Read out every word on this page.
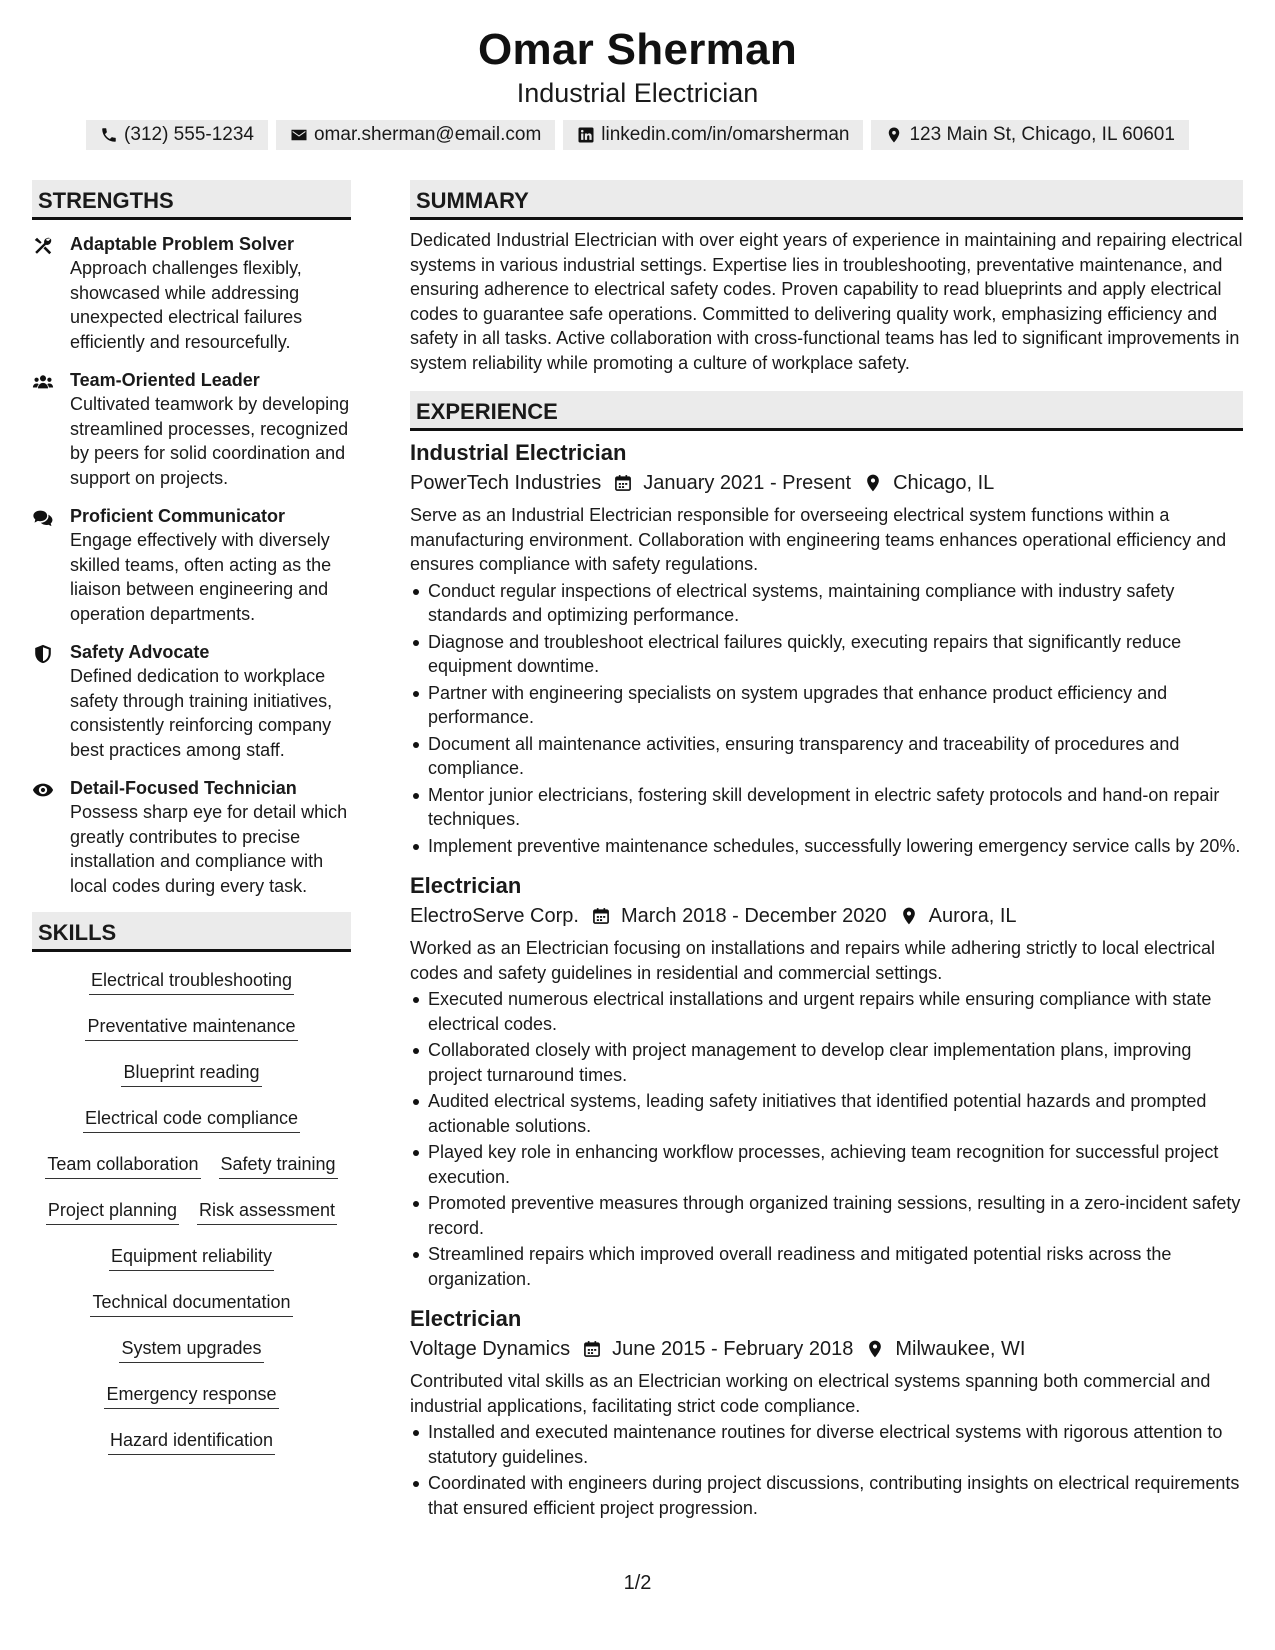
Omar Sherman
Industrial Electrician
(312) 555-1234	omar.sherman@email.com	linkedin.com/in/omarsherman	123 Main St, Chicago, IL 60601
STRENGTHS
Adaptable Problem Solver
Approach challenges flexibly, showcased while addressing unexpected electrical failures efficiently and resourcefully.
Team-Oriented Leader
Cultivated teamwork by developing streamlined processes, recognized by peers for solid coordination and support on projects.
Proficient Communicator
Engage effectively with diversely skilled teams, often acting as the liaison between engineering and operation departments.
Safety Advocate
Defined dedication to workplace safety through training initiatives, consistently reinforcing company best practices among staff.
Detail-Focused Technician
Possess sharp eye for detail which greatly contributes to precise installation and compliance with local codes during every task.
SKILLS
Electrical troubleshooting
Preventative maintenance
Blueprint reading
Electrical code compliance
Team collaboration Safety training
Project planning Risk assessment
Equipment reliability
Technical documentation
System upgrades
Emergency response
Hazard identification
SUMMARY
Dedicated Industrial Electrician with over eight years of experience in maintaining and repairing electrical systems in various industrial settings. Expertise lies in troubleshooting, preventative maintenance, and ensuring adherence to electrical safety codes. Proven capability to read blueprints and apply electrical codes to guarantee safe operations. Committed to delivering quality work, emphasizing efficiency and safety in all tasks. Active collaboration with cross-functional teams has led to significant improvements in system reliability while promoting a culture of workplace safety.
EXPERIENCE
Industrial Electrician
PowerTech Industries January 2021 - Present Chicago, IL
Serve as an Industrial Electrician responsible for overseeing electrical system functions within a manufacturing environment. Collaboration with engineering teams enhances operational efficiency and ensures compliance with safety regulations.
Conduct regular inspections of electrical systems, maintaining compliance with industry safety standards and optimizing performance.
Diagnose and troubleshoot electrical failures quickly, executing repairs that significantly reduce equipment downtime.
Partner with engineering specialists on system upgrades that enhance product efficiency and performance.
Document all maintenance activities, ensuring transparency and traceability of procedures and compliance.
Mentor junior electricians, fostering skill development in electric safety protocols and hand-on repair techniques.
Implement preventive maintenance schedules, successfully lowering emergency service calls by 20%.
Electrician
ElectroServe Corp. March 2018 - December 2020 Aurora, IL
Worked as an Electrician focusing on installations and repairs while adhering strictly to local electrical codes and safety guidelines in residential and commercial settings.
Executed numerous electrical installations and urgent repairs while ensuring compliance with state electrical codes.
Collaborated closely with project management to develop clear implementation plans, improving project turnaround times.
Audited electrical systems, leading safety initiatives that identified potential hazards and prompted actionable solutions.
Played key role in enhancing workflow processes, achieving team recognition for successful project execution.
Promoted preventive measures through organized training sessions, resulting in a zero-incident safety record.
Streamlined repairs which improved overall readiness and mitigated potential risks across the organization.
Electrician
Voltage Dynamics June 2015 - February 2018 Milwaukee, WI
Contributed vital skills as an Electrician working on electrical systems spanning both commercial and industrial applications, facilitating strict code compliance.
Installed and executed maintenance routines for diverse electrical systems with rigorous attention to statutory guidelines.
Coordinated with engineers during project discussions, contributing insights on electrical requirements that ensured efficient project progression.
1/2
